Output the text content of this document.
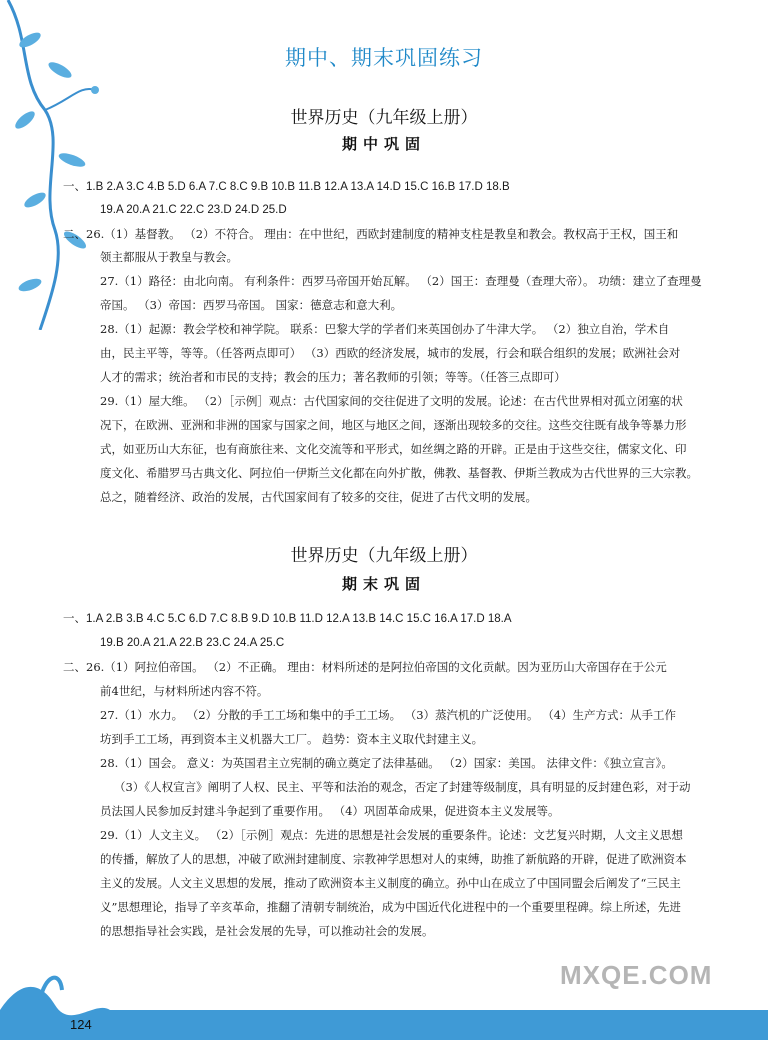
124
MXQE.COM
期中、期末巩固练习
世界历史（九年级上册）
期中巩固
一、1.B 2.A 3.C 4.B 5.D 6.A 7.C 8.C 9.B 10.B 11.B 12.A 13.A 14.D 15.C 16.B 17.D 18.B
19.A 20.A 21.C 22.C 23.D 24.D 25.D
二、26.（1）基督教。 （2）不符合。 理由：在中世纪，西欧封建制度的精神支柱是教皇和教会。教权高于王权，国王和
领主都服从于教皇与教会。
27.（1）路径：由北向南。 有利条件：西罗马帝国开始瓦解。 （2）国王：查理曼（查理大帝）。 功绩：建立了查理曼
帝国。 （3）帝国：西罗马帝国。 国家：德意志和意大利。
28.（1）起源：教会学校和神学院。 联系：巴黎大学的学者们来英国创办了牛津大学。 （2）独立自治，学术自
由，民主平等，等等。（任答两点即可） （3）西欧的经济发展，城市的发展，行会和联合组织的发展；欧洲社会对
人才的需求；统治者和市民的支持；教会的压力；著名教师的引领；等等。（任答三点即可）
29.（1）屋大维。 （2）［示例］观点：古代国家间的交往促进了文明的发展。论述：在古代世界相对孤立闭塞的状
况下，在欧洲、亚洲和非洲的国家与国家之间，地区与地区之间，逐渐出现较多的交往。这些交往既有战争等暴力形
式，如亚历山大东征，也有商旅往来、文化交流等和平形式，如丝绸之路的开辟。正是由于这些交往，儒家文化、印
度文化、希腊罗马古典文化、阿拉伯一伊斯兰文化都在向外扩散，佛教、基督教、伊斯兰教成为古代世界的三大宗教。
总之，随着经济、政治的发展，古代国家间有了较多的交往，促进了古代文明的发展。
世界历史（九年级上册）
期末巩固
一、1.A 2.B 3.B 4.C 5.C 6.D 7.C 8.B 9.D 10.B 11.D 12.A 13.B 14.C 15.C 16.A 17.D 18.A
19.B 20.A 21.A 22.B 23.C 24.A 25.C
二、26.（1）阿拉伯帝国。 （2）不正确。 理由：材料所述的是阿拉伯帝国的文化贡献。因为亚历山大帝国存在于公元
前4世纪，与材料所述内容不符。
27.（1）水力。 （2）分散的手工工场和集中的手工工场。 （3）蒸汽机的广泛使用。 （4）生产方式：从手工作
坊到手工工场，再到资本主义机器大工厂。 趋势：资本主义取代封建主义。
28.（1）国会。 意义：为英国君主立宪制的确立奠定了法律基础。 （2）国家：美国。 法律文件：《独立宣言》。
（3）《人权宣言》阐明了人权、民主、平等和法治的观念，否定了封建等级制度，具有明显的反封建色彩，对于动
员法国人民参加反封建斗争起到了重要作用。 （4）巩固革命成果，促进资本主义发展等。
29.（1）人文主义。 （2）［示例］观点：先进的思想是社会发展的重要条件。论述：文艺复兴时期，人文主义思想
的传播，解放了人的思想，冲破了欧洲封建制度、宗教神学思想对人的束缚，助推了新航路的开辟，促进了欧洲资本
主义的发展。人文主义思想的发展，推动了欧洲资本主义制度的确立。孙中山在成立了中国同盟会后阐发了“三民主
义”思想理论，指导了辛亥革命，推翻了清朝专制统治，成为中国近代化进程中的一个重要里程碑。综上所述，先进
的思想指导社会实践，是社会发展的先导，可以推动社会的发展。
